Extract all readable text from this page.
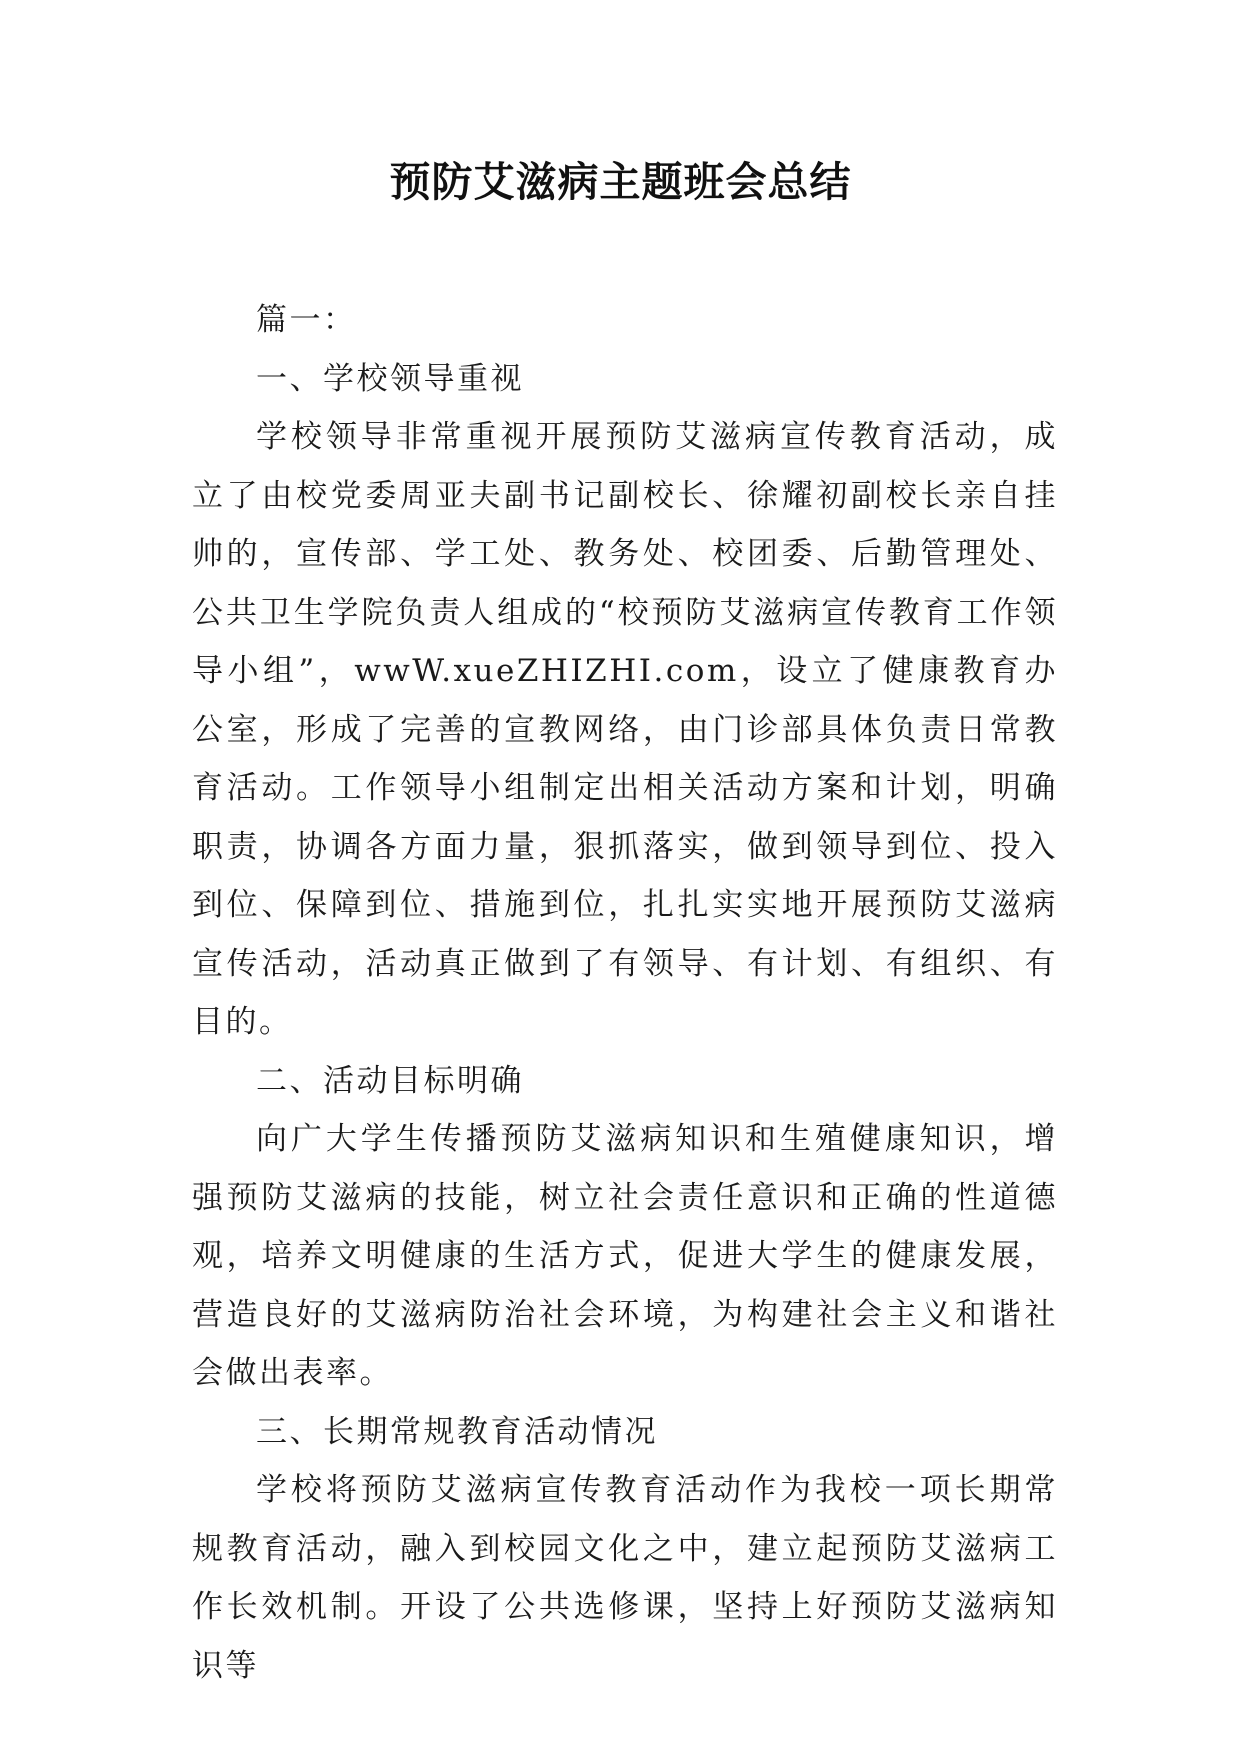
预防艾滋病主题班会总结

篇一：

一、学校领导重视

学校领导非常重视开展预防艾滋病宣传教育活动，成立了由校党委周亚夫副书记副校长、徐耀初副校长亲自挂帅的，宣传部、学工处、教务处、校团委、后勤管理处、公共卫生学院负责人组成的“校预防艾滋病宣传教育工作领导小组”，wwW.xueZHIZHI.com，设立了健康教育办公室，形成了完善的宣教网络，由门诊部具体负责日常教育活动。工作领导小组制定出相关活动方案和计划，明确职责，协调各方面力量，狠抓落实，做到领导到位、投入到位、保障到位、措施到位，扎扎实实地开展预防艾滋病宣传活动，活动真正做到了有领导、有计划、有组织、有目的。

二、活动目标明确

向广大学生传播预防艾滋病知识和生殖健康知识，增强预防艾滋病的技能，树立社会责任意识和正确的性道德观，培养文明健康的生活方式，促进大学生的健康发展，营造良好的艾滋病防治社会环境，为构建社会主义和谐社会做出表率。

三、长期常规教育活动情况

学校将预防艾滋病宣传教育活动作为我校一项长期常规教育活动，融入到校园文化之中，建立起预防艾滋病工作长效机制。开设了公共选修课，坚持上好预防艾滋病知识等
